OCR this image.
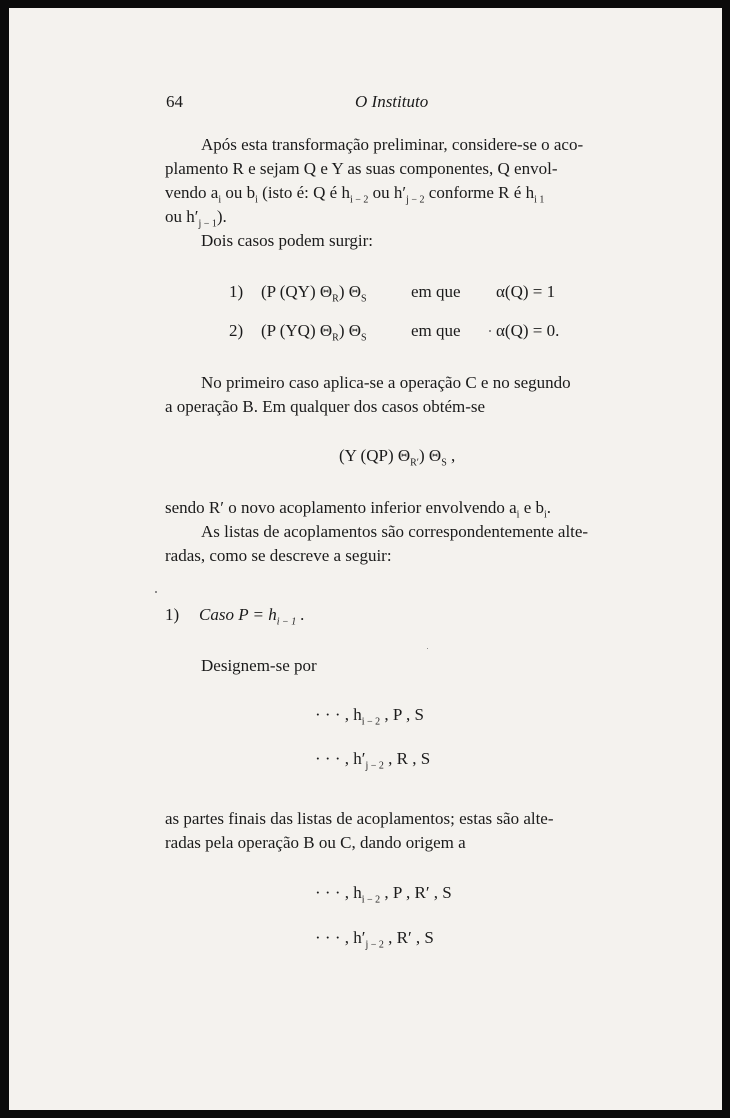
64	O Instituto
Após esta transformação preliminar, considere-se o aco-
plamento R e sejam Q e Y as suas componentes, Q envol-
vendo $a_i$ ou $b_i$ (isto é: Q é $h_{i - 2}$ ou $h'_{j - 2}$ conforme R é $h_i$ $_1$
ou $h'_{j - 1}$).
Dois casos podem surgir:
1) (P (QY) $\Theta_R$) $\Theta_S$	em que α(Q) = 1
2) (P (YQ) $\Theta_R$) $\Theta_S$	em que α(Q) = 0.
No primeiro caso aplica-se a operação C e no segundo
a operação B. Em qualquer dos casos obtém-se
(Y (QP) $\Theta_{R'}$) $\Theta_S$ ,
sendo R′ o novo acoplamento inferior envolvendo $a_i$ e $b_i$.
As listas de acoplamentos são correspondentemente alte-
radas, como se descreve a seguir:
1) Caso $P = h_{i - 1}$ .
Designem-se por
· · · , $h_{i - 2}$ , P , S
· · · , $h'_{j - 2}$ , R , S
as partes finais das listas de acoplamentos; estas são alte-
radas pela operação B ou C, dando origem a
· · · , $h_{i - 2}$ , P , R′ , S
· · · , $h'_{j - 2}$ , R′ , S
